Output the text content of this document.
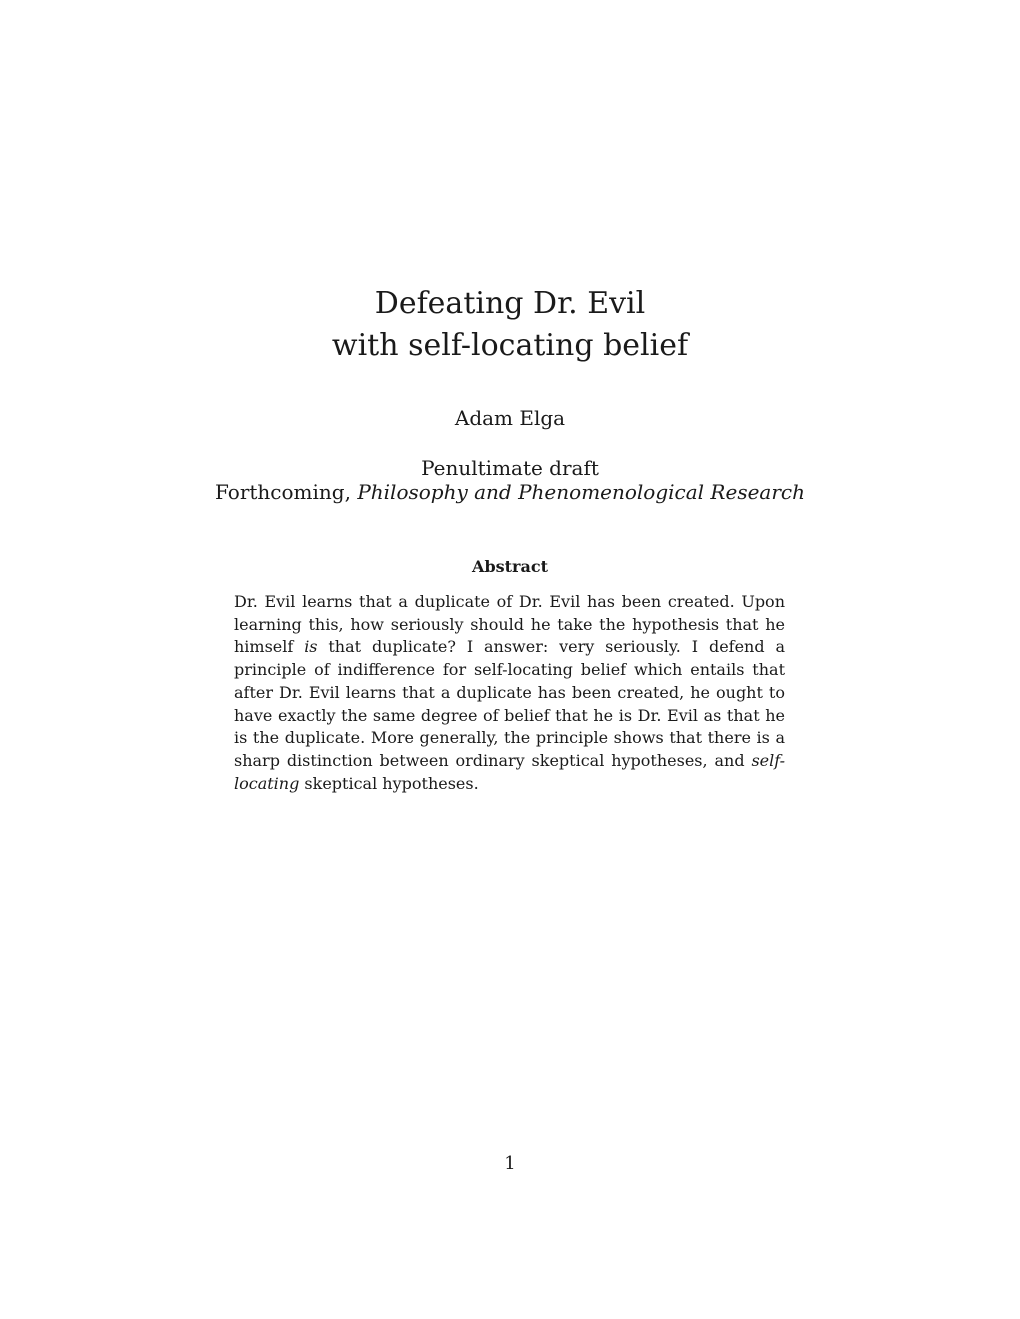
Defeating Dr. Evil
with self-locating belief
Adam Elga
Penultimate draft
Forthcoming, Philosophy and Phenomenological Research
Abstract

Dr. Evil learns that a duplicate of Dr. Evil has been created. Upon learning this, how seriously should he take the hypothesis that he himself is that duplicate? I answer: very seriously. I defend a principle of indifference for self-locating belief which entails that after Dr. Evil learns that a duplicate has been created, he ought to have exactly the same degree of belief that he is Dr. Evil as that he is the duplicate. More generally, the principle shows that there is a sharp distinction between ordinary skeptical hypotheses, and self-locating skeptical hypotheses.

1
